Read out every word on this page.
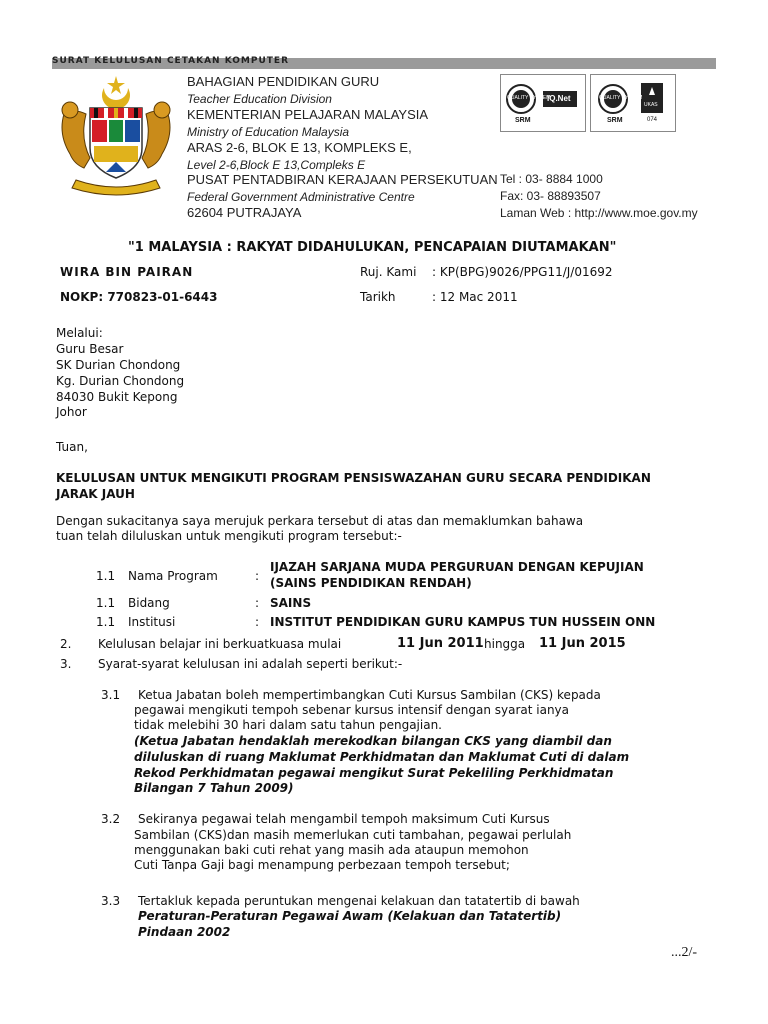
SURAT KELULUSAN CETAKAN KOMPUTER
BAHAGIAN PENDIDIKAN GURU
Teacher Education Division
KEMENTERIAN PELAJARAN MALAYSIA
Ministry of Education Malaysia
ARAS 2-6, BLOK E 13, KOMPLEKS E,
Level 2-6,Block E 13,Compleks E
PUSAT PENTADBIRAN KERAJAAN PERSEKUTUAN
Federal Government Administrative Centre
62604 PUTRAJAYA
QUALITY SYSTEM
IQ.Net
SRM
QUALITY SYSTEM
UKAS
SRM	074
Tel : 03- 8884 1000
Fax: 03- 88893507
Laman Web : http://www.moe.gov.my
"1 MALAYSIA : RAKYAT DIDAHULUKAN, PENCAPAIAN DIUTAMAKAN"
WIRA BIN PAIRAN
NOKP: 770823-01-6443
Ruj. Kami : KP(BPG)9026/PPG11/J/01692
Tarikh	: 12 Mac 2011
Melalui:
Guru Besar
SK Durian Chondong
Kg. Durian Chondong
84030 Bukit Kepong
Johor
Tuan,
KELULUSAN UNTUK MENGIKUTI PROGRAM PENSISWAZAHAN GURU SECARA PENDIDIKAN
JARAK JAUH
Dengan sukacitanya saya merujuk perkara tersebut di atas dan memaklumkan bahawa
tuan telah diluluskan untuk mengikuti program tersebut:-
1.1 Nama Program	:
IJAZAH SARJANA MUDA PERGURUAN DENGAN KEPUJIAN
(SAINS PENDIDIKAN RENDAH)
1.1 Bidang	: SAINS
1.1 Institusi	: INSTITUT PENDIDIKAN GURU KAMPUS TUN HUSSEIN ONN
2. Kelulusan belajar ini berkuatkuasa mulai	11 Jun 2011 hingga 11 Jun 2015
3. Syarat-syarat kelulusan ini adalah seperti berikut:-
3.1 Ketua Jabatan boleh mempertimbangkan Cuti Kursus Sambilan (CKS) kepada
pegawai mengikuti tempoh sebenar kursus intensif dengan syarat ianya
tidak melebihi 30 hari dalam satu tahun pengajian.
(Ketua Jabatan hendaklah merekodkan bilangan CKS yang diambil dan
diluluskan di ruang Maklumat Perkhidmatan dan Maklumat Cuti di dalam
Rekod Perkhidmatan pegawai mengikut Surat Pekeliling Perkhidmatan
Bilangan 7 Tahun 2009)
3.2 Sekiranya pegawai telah mengambil tempoh maksimum Cuti Kursus
Sambilan (CKS)dan masih memerlukan cuti tambahan, pegawai perlulah
menggunakan baki cuti rehat yang masih ada ataupun memohon
Cuti Tanpa Gaji bagi menampung perbezaan tempoh tersebut;
3.3 Tertakluk kepada peruntukan mengenai kelakuan dan tatatertib di bawah
Peraturan-Peraturan Pegawai Awam (Kelakuan dan Tatatertib)
Pindaan 2002
...2/-
